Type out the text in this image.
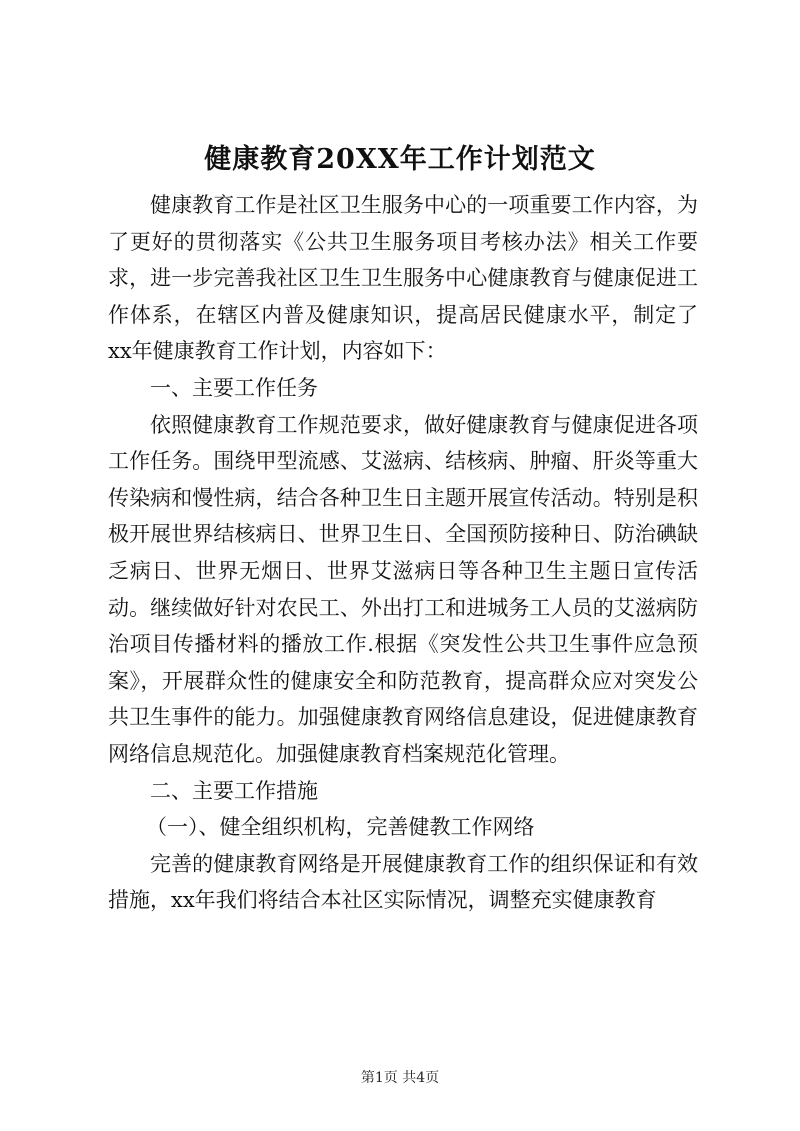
健康教育20XX年工作计划范文

健康教育工作是社区卫生服务中心的一项重要工作内容，为了更好的贯彻落实《公共卫生服务项目考核办法》相关工作要求，进一步完善我社区卫生卫生服务中心健康教育与健康促进工作体系，在辖区内普及健康知识，提高居民健康水平，制定了xx年健康教育工作计划，内容如下：

一、主要工作任务

依照健康教育工作规范要求，做好健康教育与健康促进各项工作任务。围绕甲型流感、艾滋病、结核病、肿瘤、肝炎等重大传染病和慢性病，结合各种卫生日主题开展宣传活动。特别是积极开展世界结核病日、世界卫生日、全国预防接种日、防治碘缺乏病日、世界无烟日、世界艾滋病日等各种卫生主题日宣传活动。继续做好针对农民工、外出打工和进城务工人员的艾滋病防治项目传播材料的播放工作.根据《突发性公共卫生事件应急预案》，开展群众性的健康安全和防范教育，提高群众应对突发公共卫生事件的能力。加强健康教育网络信息建设，促进健康教育网络信息规范化。加强健康教育档案规范化管理。

二、主要工作措施

（一）、健全组织机构，完善健教工作网络

完善的健康教育网络是开展健康教育工作的组织保证和有效措施，xx年我们将结合本社区实际情况，调整充实健康教育

第1页 共4页
